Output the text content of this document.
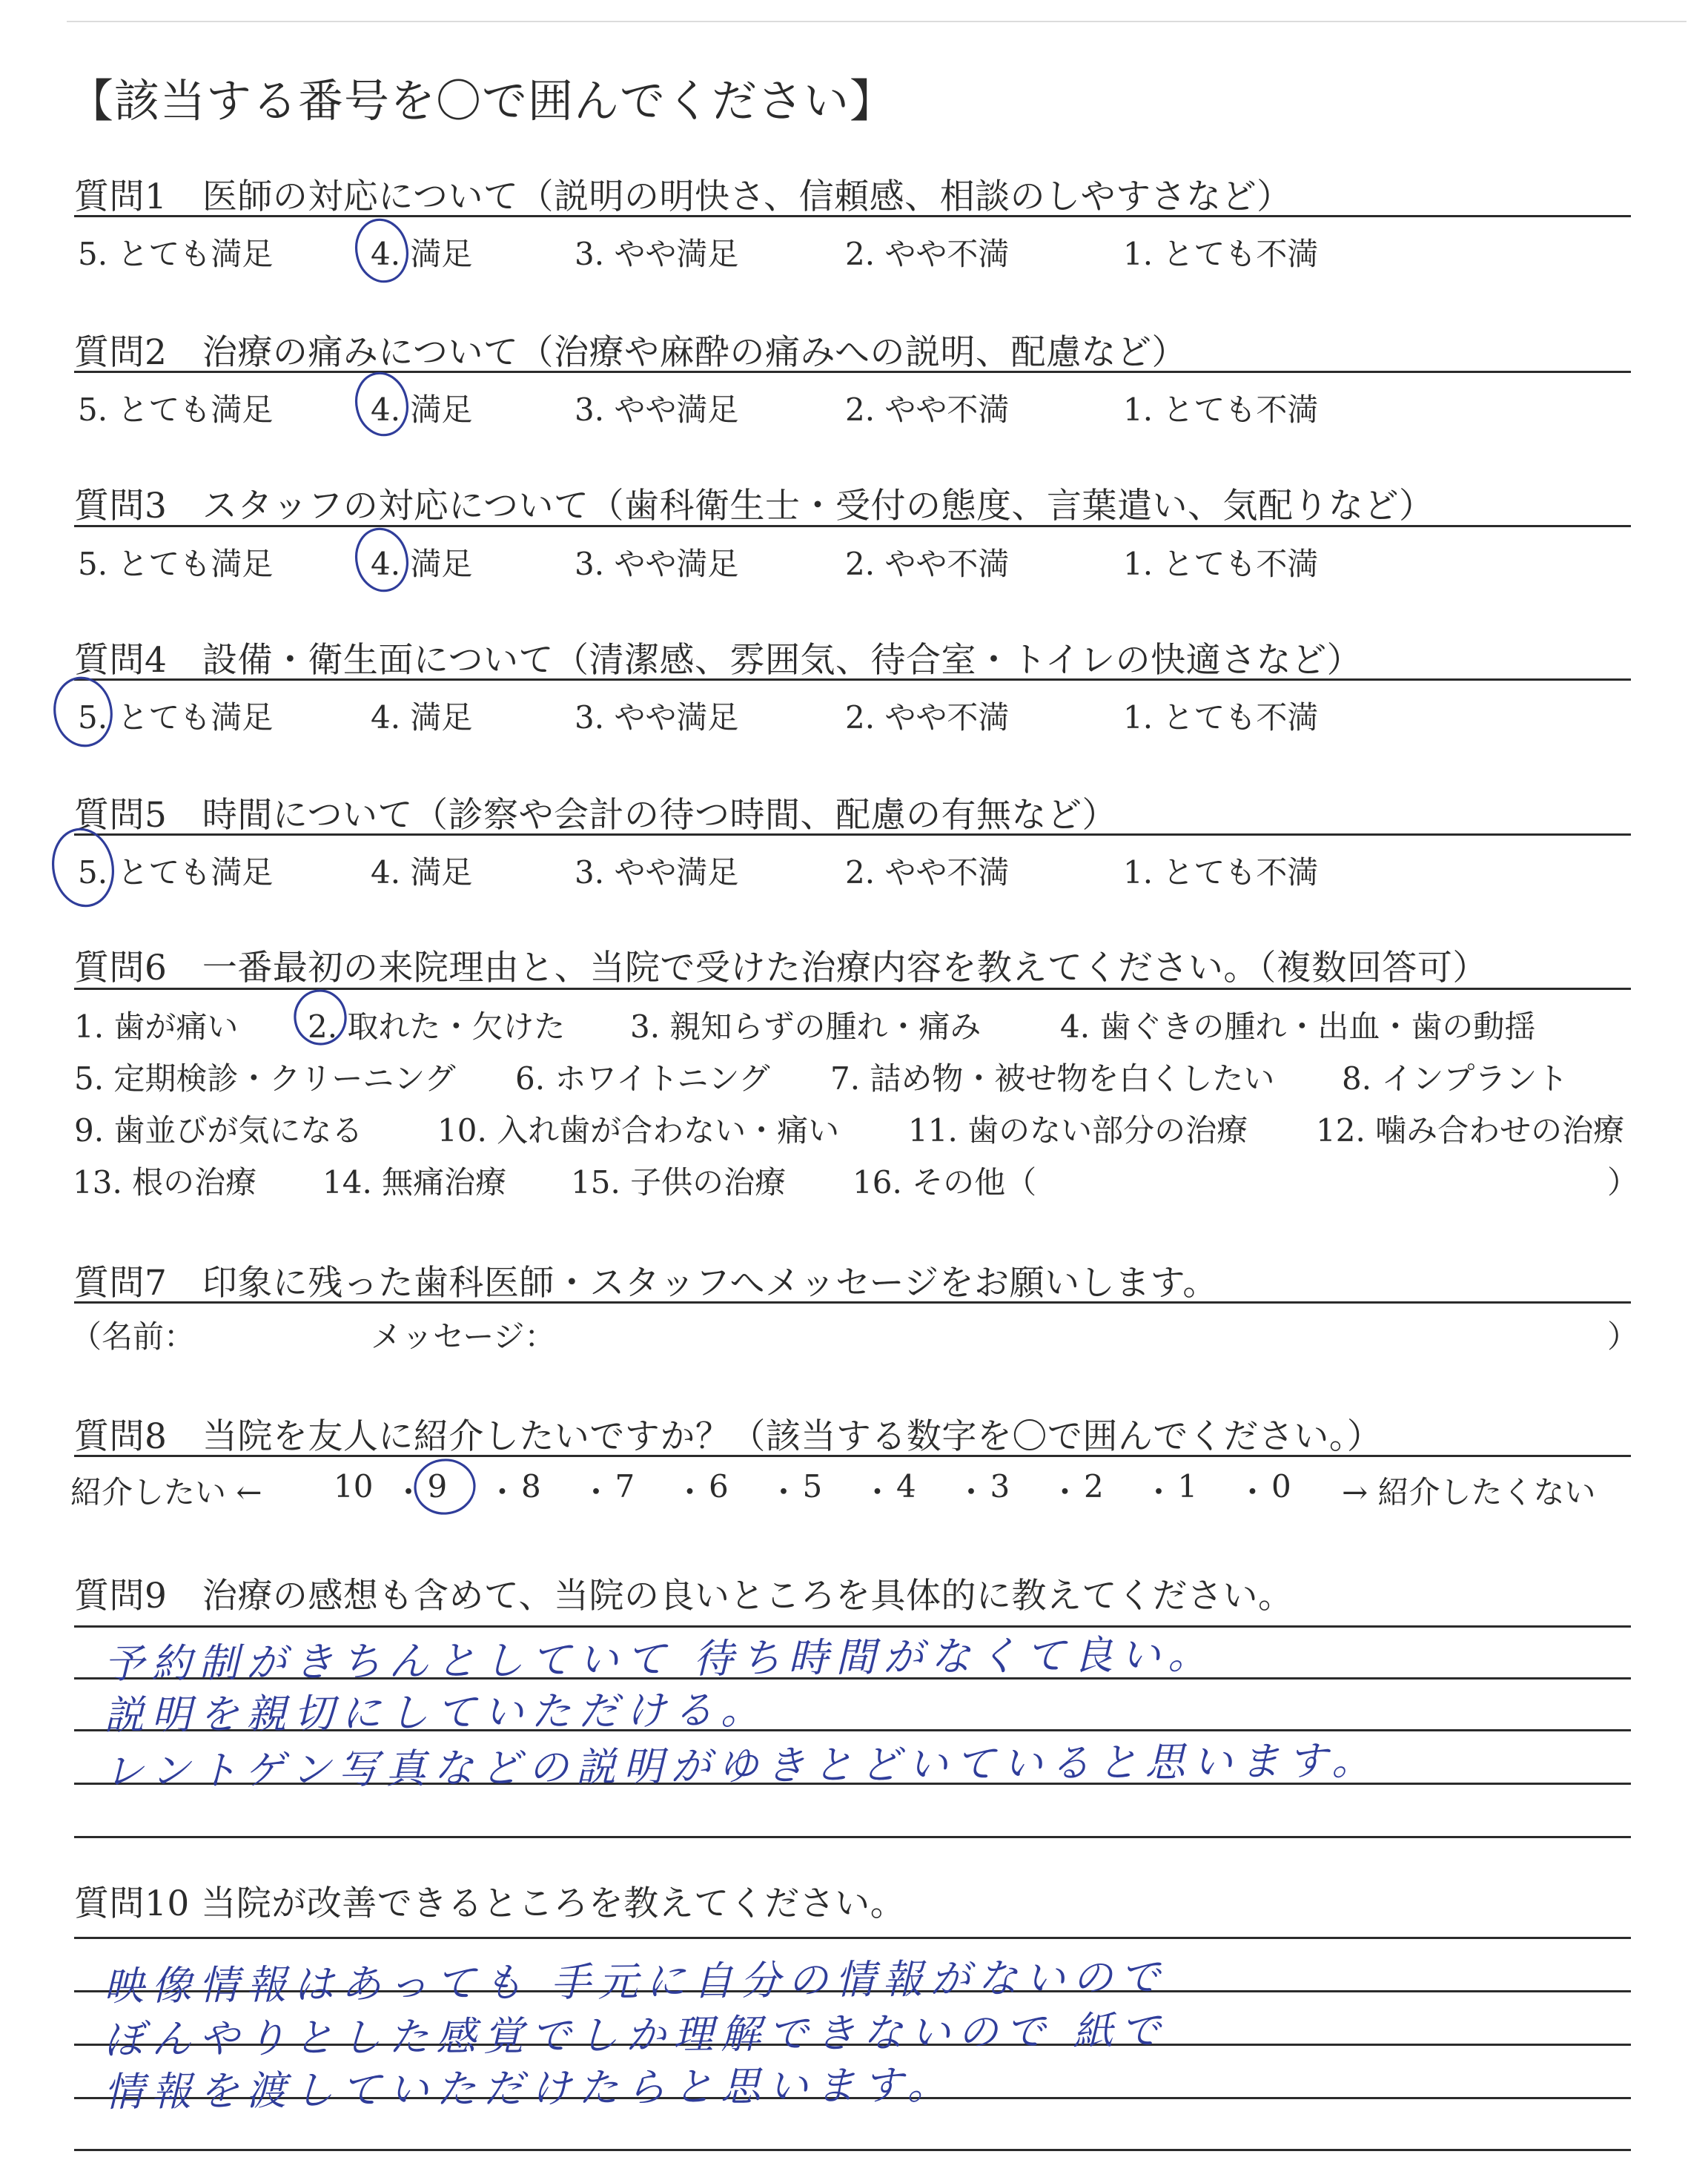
【該当する番号を〇で囲んでください】
質問1　医師の対応について（説明の明快さ、信頼感、相談のしやすさなど）
5. とても満足	4. 満足	3. やや満足	2. やや不満	1. とても不満
質問2　治療の痛みについて（治療や麻酔の痛みへの説明、配慮など）
5. とても満足	4. 満足	3. やや満足	2. やや不満	1. とても不満
質問3　スタッフの対応について（歯科衛生士・受付の態度、言葉遣い、気配りなど）
5. とても満足	4. 満足	3. やや満足	2. やや不満	1. とても不満
質問4　設備・衛生面について（清潔感、雰囲気、待合室・トイレの快適さなど）
5. とても満足	4. 満足	3. やや満足	2. やや不満	1. とても不満
質問5　時間について（診察や会計の待つ時間、配慮の有無など）
5. とても満足	4. 満足	3. やや満足	2. やや不満	1. とても不満
質問6　一番最初の来院理由と、当院で受けた治療内容を教えてください。（複数回答可）
1. 歯が痛い 2. 取れた・欠けた 3. 親知らずの腫れ・痛み	4. 歯ぐきの腫れ・出血・歯の動揺
5. 定期検診・クリーニング 6. ホワイトニング 7. 詰め物・被せ物を白くしたい 8. インプラント
9. 歯並びが気になる 10. 入れ歯が合わない・痛い 11. 歯のない部分の治療 12. 噛み合わせの治療
13. 根の治療 14. 無痛治療 15. 子供の治療 16. その他（	）
質問7　印象に残った歯科医師・スタッフへメッセージをお願いします。
（名前：	メッセージ：	）
質問8　当院を友人に紹介したいですか？（該当する数字を〇で囲んでください。）
紹介したい ← 10 ・ 9 ・ 8 ・ 7 ・ 6 ・ 5 ・ 4 ・ 3 ・ 2 ・ 1 ・ 0 → 紹介したくない
質問9　治療の感想も含めて、当院の良いところを具体的に教えてください。
予約制がきちんとしていて 待ち時間がなくて良い。
説明を親切にしていただける。
レントゲン写真などの説明がゆきとどいていると思います。
質問10 当院が改善できるところを教えてください。
映像情報はあっても 手元に自分の情報がないので
ぼんやりとした感覚でしか理解できないので 紙で
情報を渡していただけたらと思います。
